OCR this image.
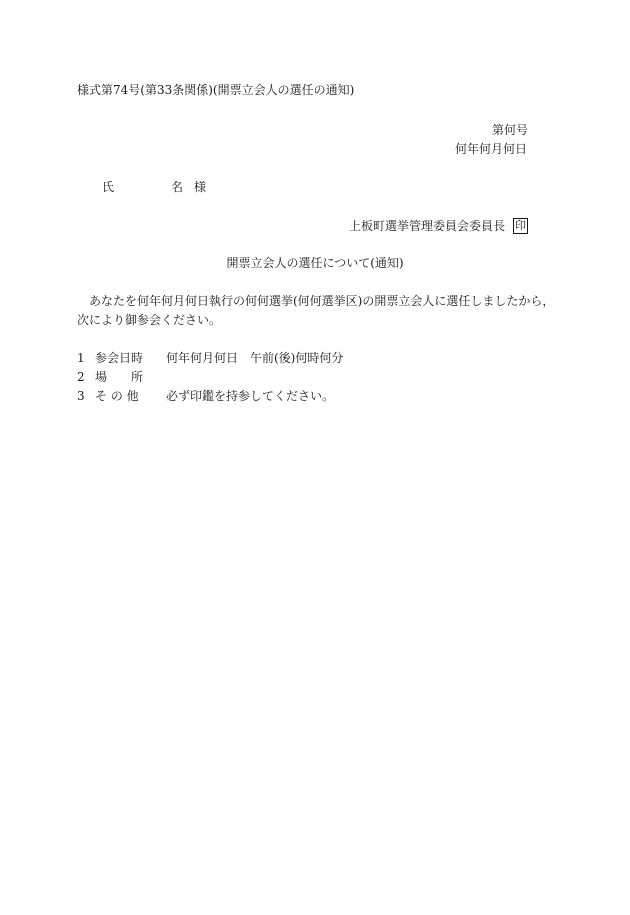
様式第74号(第33条関係)(開票立会人の選任の通知)
第何号
何年何月何日
氏	名 様
上板町選挙管理委員会委員長 印
開票立会人の選任について(通知)

あなたを何年何月何日執行の何何選挙(何何選挙区)の開票立会人に選任しましたから，次により御参会ください。

1 参会日時 何年何月何日　午前(後)何時何分
2 場　　所
3 そ の 他 必ず印鑑を持参してください。
